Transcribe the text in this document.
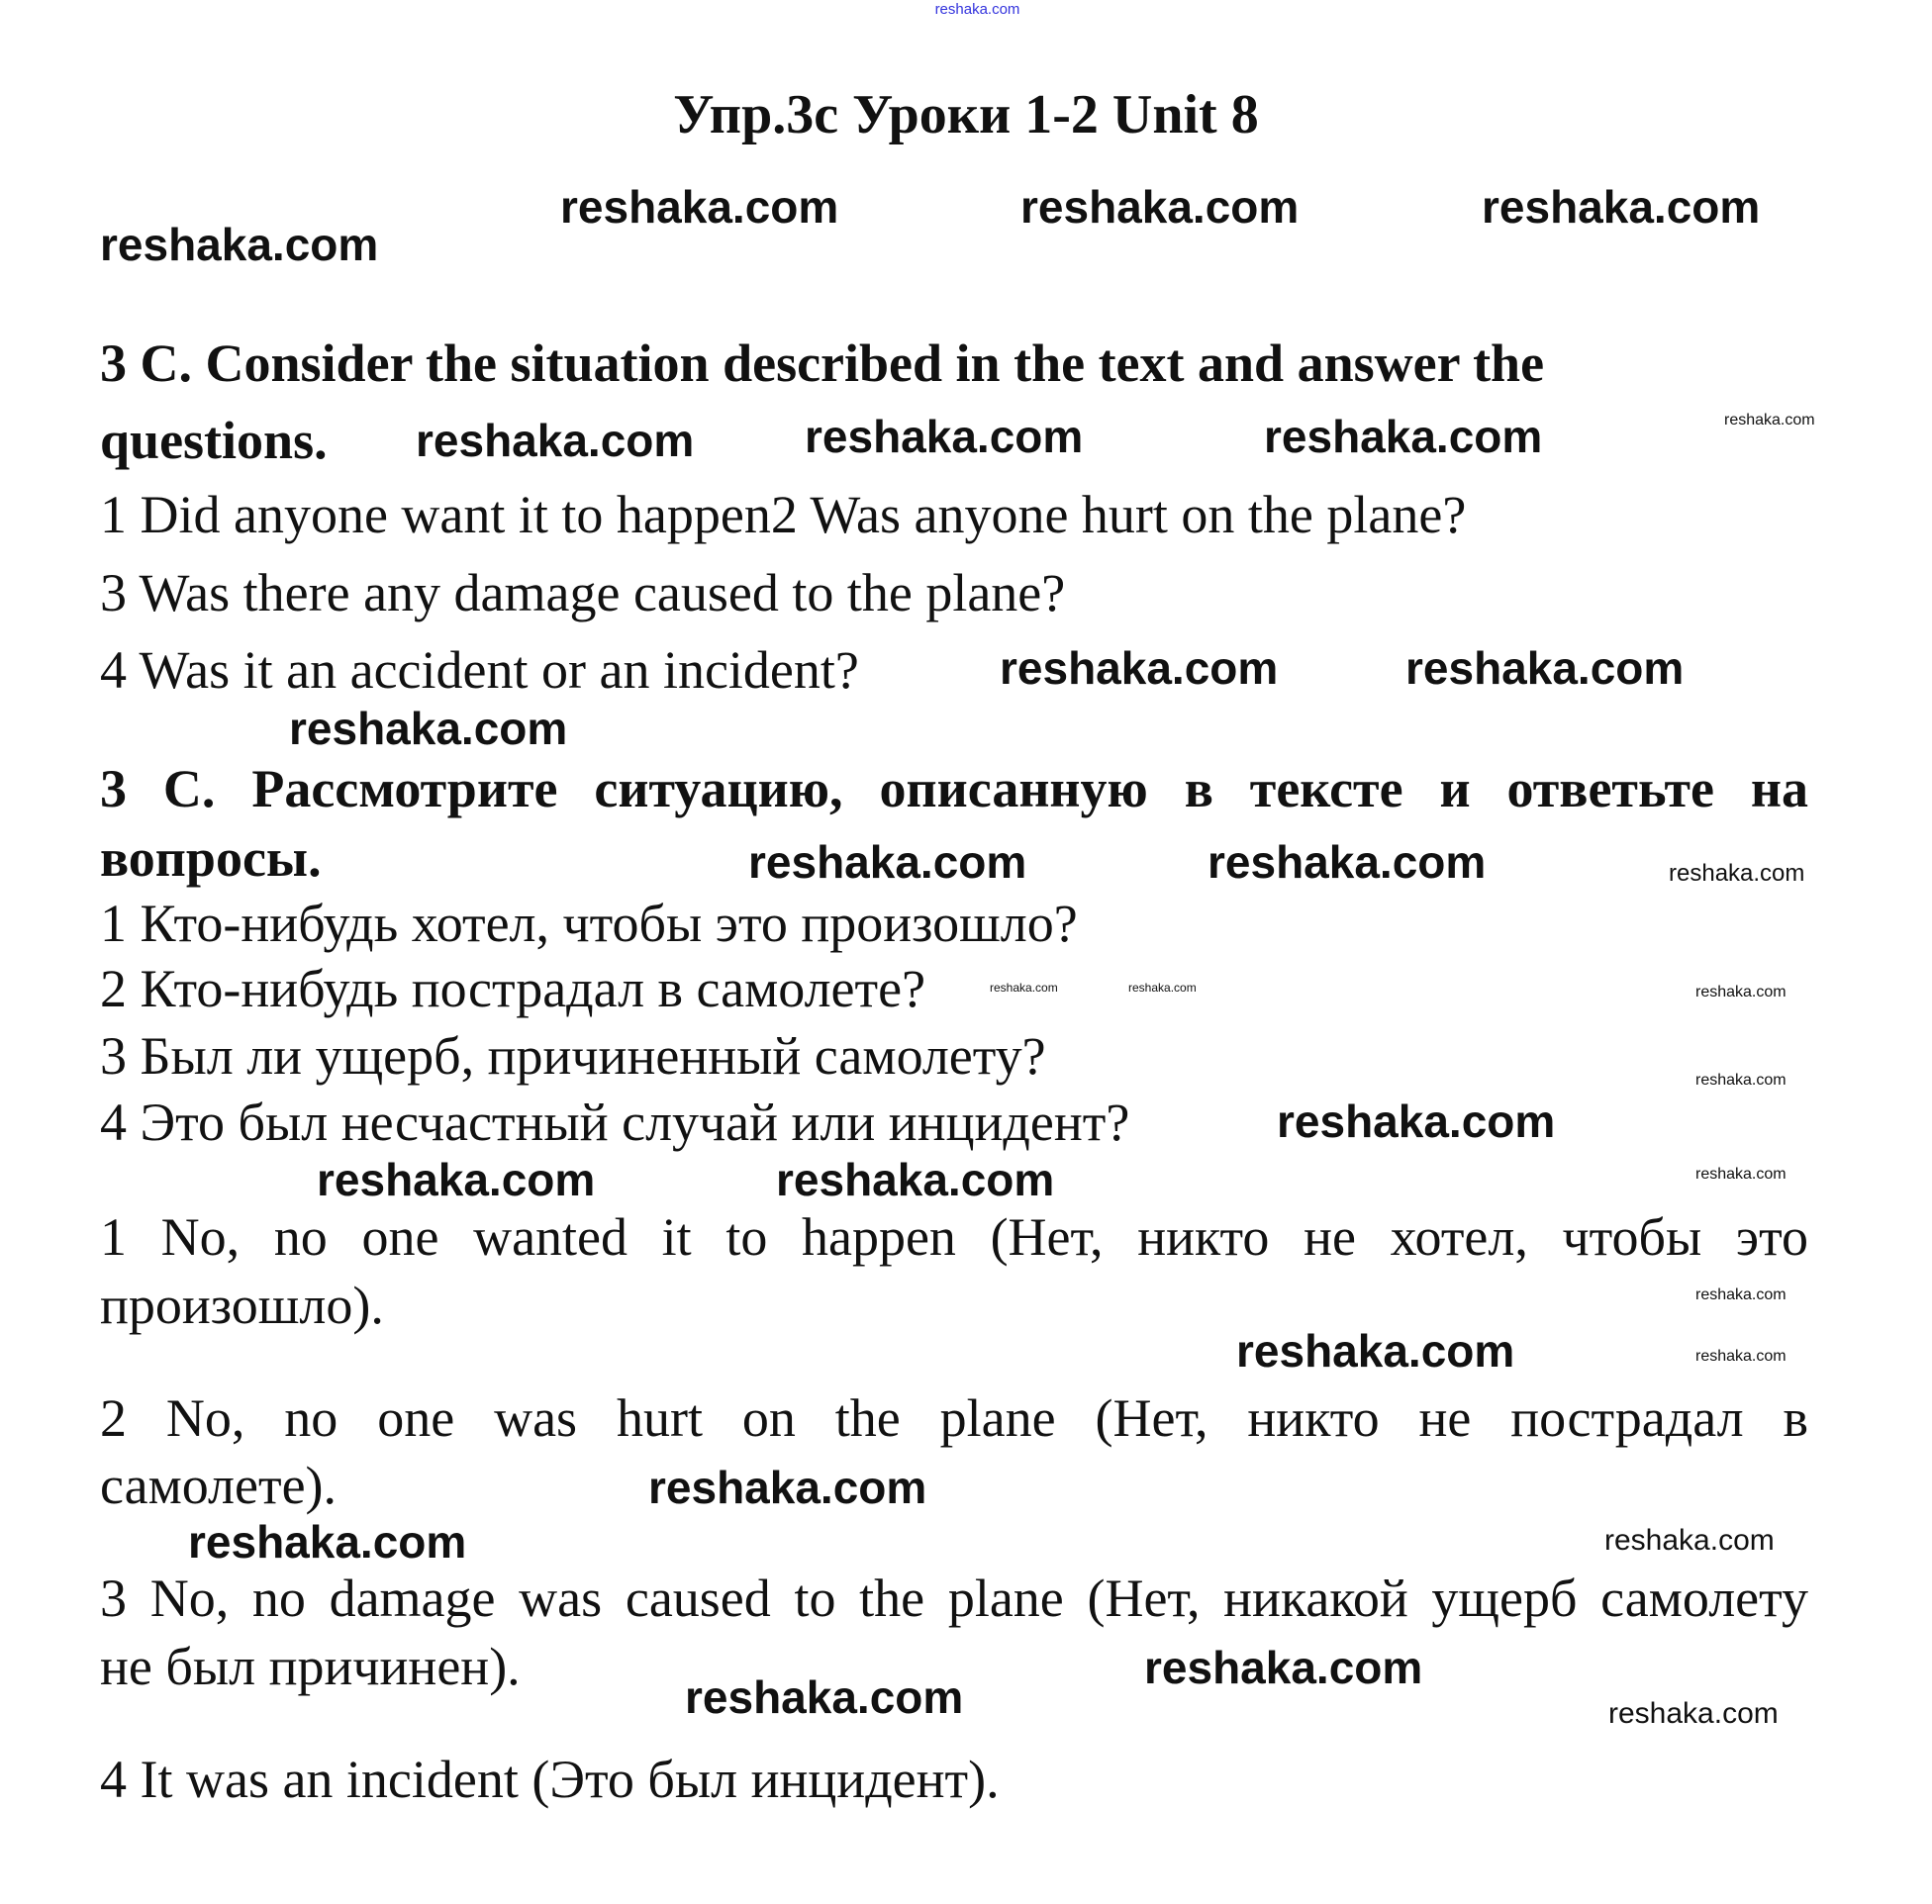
reshaka.com
Упр.3с Уроки 1-2 Unit 8
3 C. Consider the situation described in the text and answer the
questions.
1 Did anyone want it to happen2 Was anyone hurt on the plane?
3 Was there any damage caused to the plane?
4 Was it an accident or an incident?
3 C. Рассмотрите ситуацию, описанную в тексте и ответьте на
вопросы.
1 Кто-нибудь хотел, чтобы это произошло?
2 Кто-нибудь пострадал в самолете?
3 Был ли ущерб, причиненный самолету?
4 Это был несчастный случай или инцидент?
1 No, no one wanted it to happen (Нет, никто не хотел, чтобы это
произошло).
2 No, no one was hurt on the plane (Нет, никто не пострадал в
самолете).
3 No, no damage was caused to the plane (Нет, никакой ущерб самолету
не был причинен).
4 It was an incident (Это был инцидент).
reshaka.com	reshaka.com	reshaka.com
reshaka.com
reshaka.com	reshaka.com	reshaka.com
reshaka.com
reshaka.com	reshaka.com
reshaka.com
reshaka.com	reshaka.com	reshaka.com
reshaka.com	reshaka.com	reshaka.com
reshaka.com
reshaka.com
reshaka.com	reshaka.com
reshaka.com
reshaka.com
reshaka.com	reshaka.com
reshaka.com
reshaka.com	reshaka.com
reshaka.com
reshaka.com	reshaka.com
